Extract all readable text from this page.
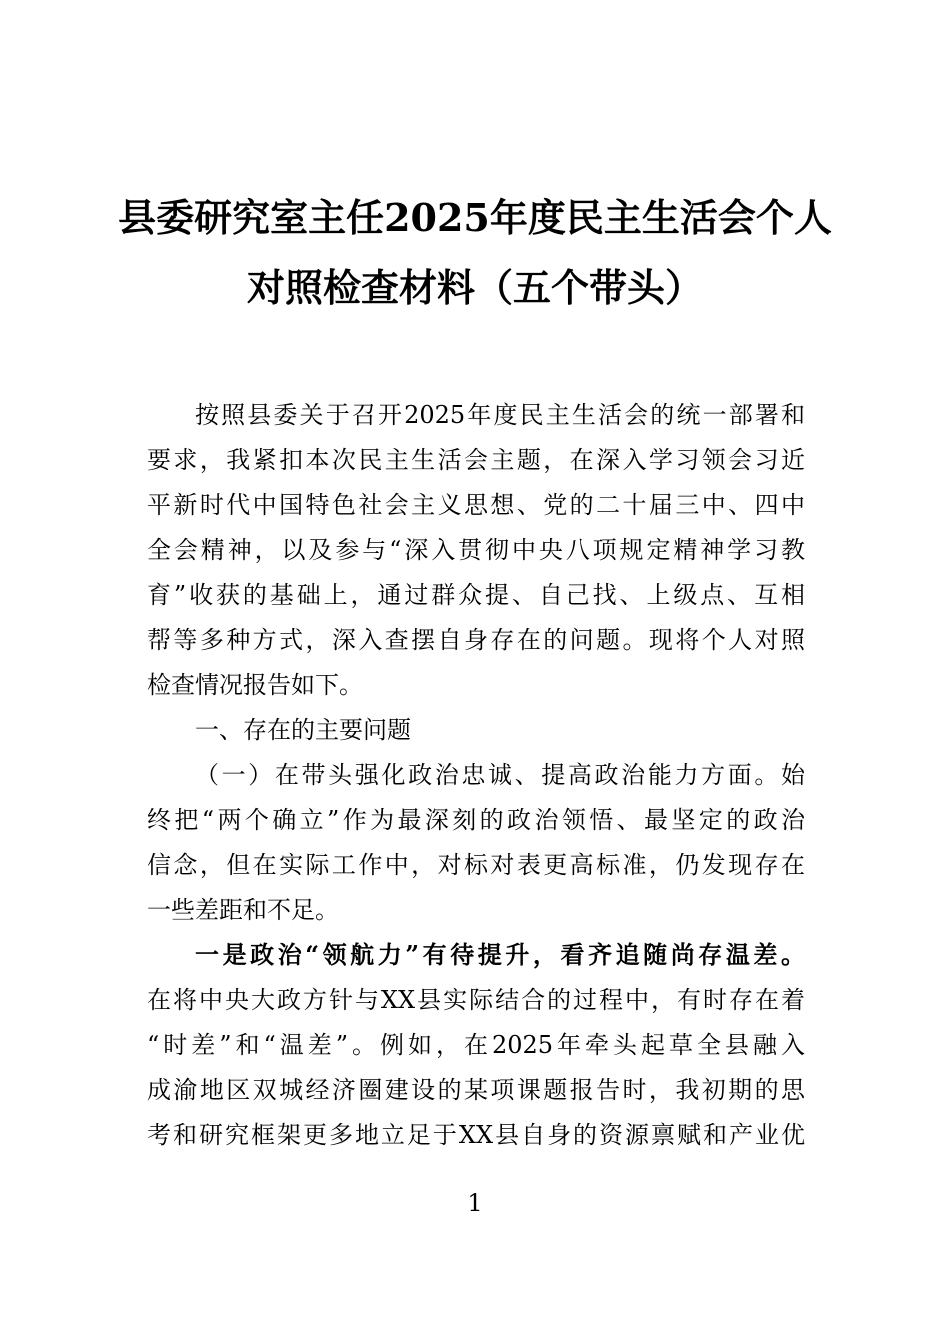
县委研究室主任2025年度民主生活会个人
对照检查材料（五个带头）
按照县委关于召开2025年度民主生活会的统一部署和
要求，我紧扣本次民主生活会主题，在深入学习领会习近
平新时代中国特色社会主义思想、党的二十届三中、四中
全会精神，以及参与“深入贯彻中央八项规定精神学习教
育”收获的基础上，通过群众提、自己找、上级点、互相
帮等多种方式，深入查摆自身存在的问题。现将个人对照
检查情况报告如下。
一、存在的主要问题
（一）在带头强化政治忠诚、提高政治能力方面。始
终把“两个确立”作为最深刻的政治领悟、最坚定的政治
信念，但在实际工作中，对标对表更高标准，仍发现存在
一些差距和不足。
一是政治“领航力”有待提升，看齐追随尚存温差。
在将中央大政方针与XX县实际结合的过程中，有时存在着
“时差”和“温差”。例如，在2025年牵头起草全县融入
成渝地区双城经济圈建设的某项课题报告时，我初期的思
考和研究框架更多地立足于XX县自身的资源禀赋和产业优
1
